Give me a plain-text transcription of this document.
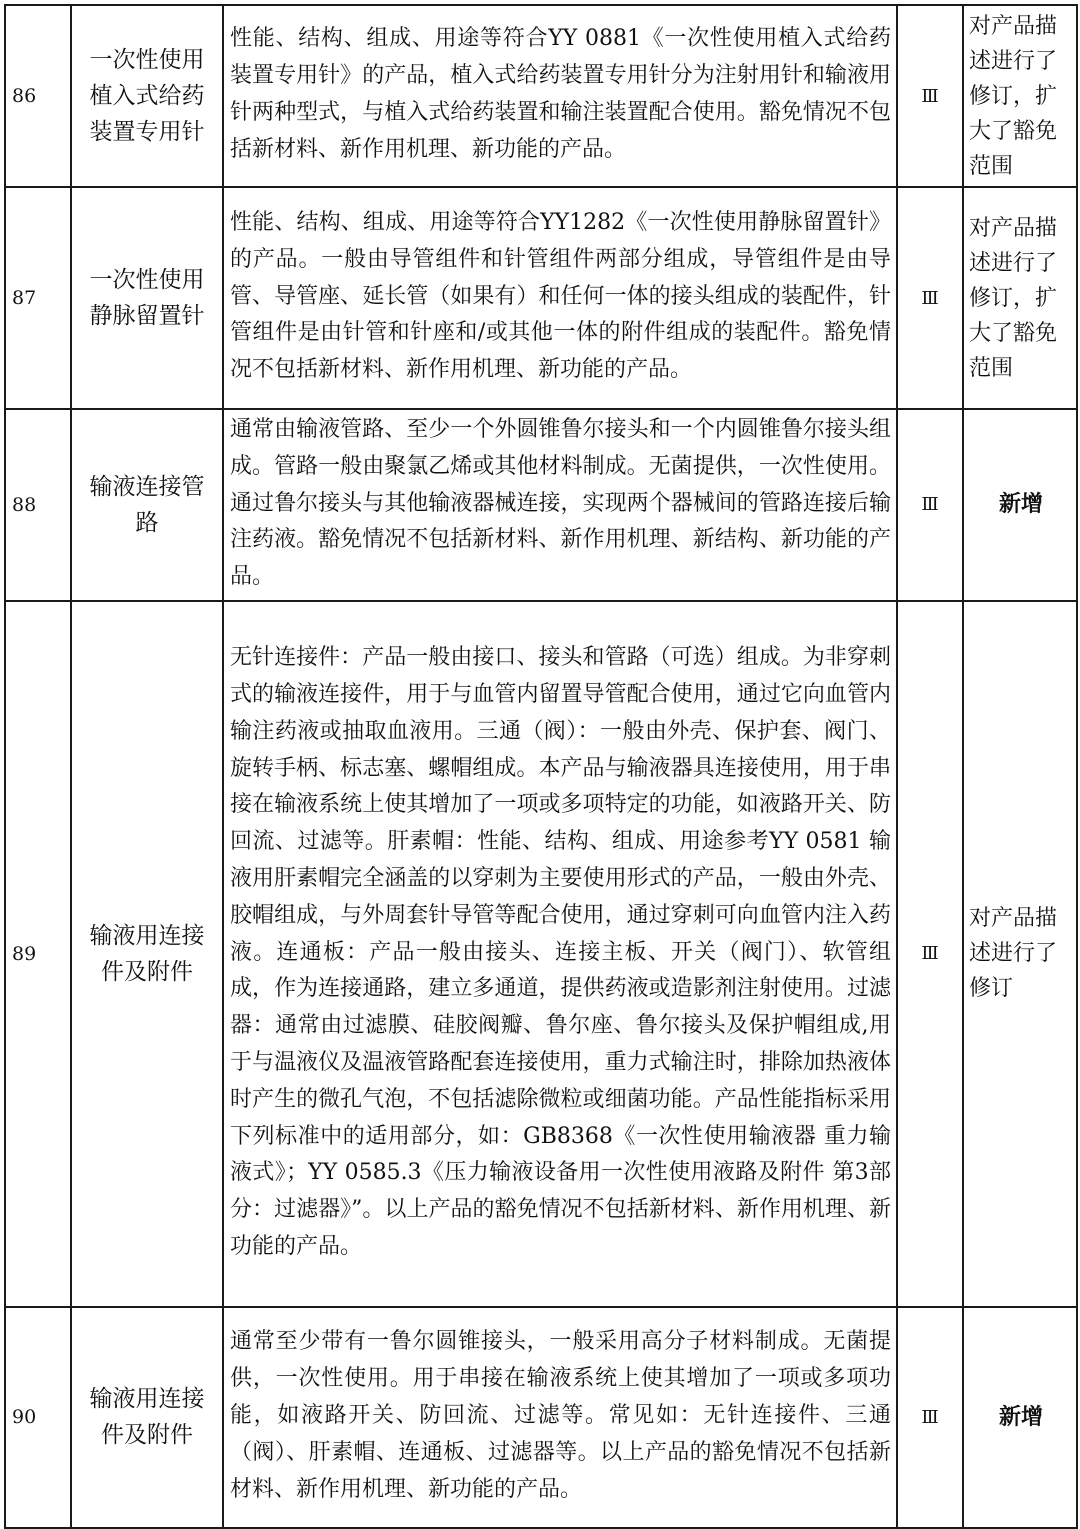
86	一次性使用植入式给药装置专用针	性能、结构、组成、用途等符合YY 0881《一次性使用植入式给药装置专用针》的产品，植入式给药装置专用针分为注射用针和输液用针两种型式，与植入式给药装置和输注装置配合使用。豁免情况不包括新材料、新作用机理、新功能的产品。	Ⅲ	对产品描述进行了修订，扩大了豁免范围
87	一次性使用静脉留置针	性能、结构、组成、用途等符合YY1282《一次性使用静脉留置针》的产品。一般由导管组件和针管组件两部分组成，导管组件是由导管、导管座、延长管（如果有）和任何一体的接头组成的装配件，针管组件是由针管和针座和/或其他一体的附件组成的装配件。豁免情况不包括新材料、新作用机理、新功能的产品。	Ⅲ	对产品描述进行了修订，扩大了豁免范围
88	输液连接管路	通常由输液管路、至少一个外圆锥鲁尔接头和一个内圆锥鲁尔接头组成。管路一般由聚氯乙烯或其他材料制成。无菌提供，一次性使用。通过鲁尔接头与其他输液器械连接，实现两个器械间的管路连接后输注药液。豁免情况不包括新材料、新作用机理、新结构、新功能的产品。	Ⅲ	新增
89	输液用连接件及附件	无针连接件：产品一般由接口、接头和管路（可选）组成。为非穿刺式的输液连接件，用于与血管内留置导管配合使用，通过它向血管内输注药液或抽取血液用。三通（阀）：一般由外壳、保护套、阀门、旋转手柄、标志塞、螺帽组成。本产品与输液器具连接使用，用于串接在输液系统上使其增加了一项或多项特定的功能，如液路开关、防回流、过滤等。肝素帽：性能、结构、组成、用途参考YY 0581 输液用肝素帽完全涵盖的以穿刺为主要使用形式的产品，一般由外壳、胶帽组成，与外周套针导管等配合使用，通过穿刺可向血管内注入药液。连通板：产品一般由接头、连接主板、开关（阀门）、软管组成，作为连接通路，建立多通道，提供药液或造影剂注射使用。过滤器：通常由过滤膜、硅胶阀瓣、鲁尔座、鲁尔接头及保护帽组成,用于与温液仪及温液管路配套连接使用，重力式输注时，排除加热液体时产生的微孔气泡，不包括滤除微粒或细菌功能。产品性能指标采用下列标准中的适用部分，如：GB8368《一次性使用输液器 重力输液式》；YY 0585.3《压力输液设备用一次性使用液路及附件 第3部分：过滤器》”。以上产品的豁免情况不包括新材料、新作用机理、新功能的产品。	Ⅲ	对产品描述进行了修订
90	输液用连接件及附件	通常至少带有一鲁尔圆锥接头，一般采用高分子材料制成。无菌提供，一次性使用。用于串接在输液系统上使其增加了一项或多项功能，如液路开关、防回流、过滤等。常见如：无针连接件、三通（阀）、肝素帽、连通板、过滤器等。以上产品的豁免情况不包括新材料、新作用机理、新功能的产品。	Ⅲ	新增
